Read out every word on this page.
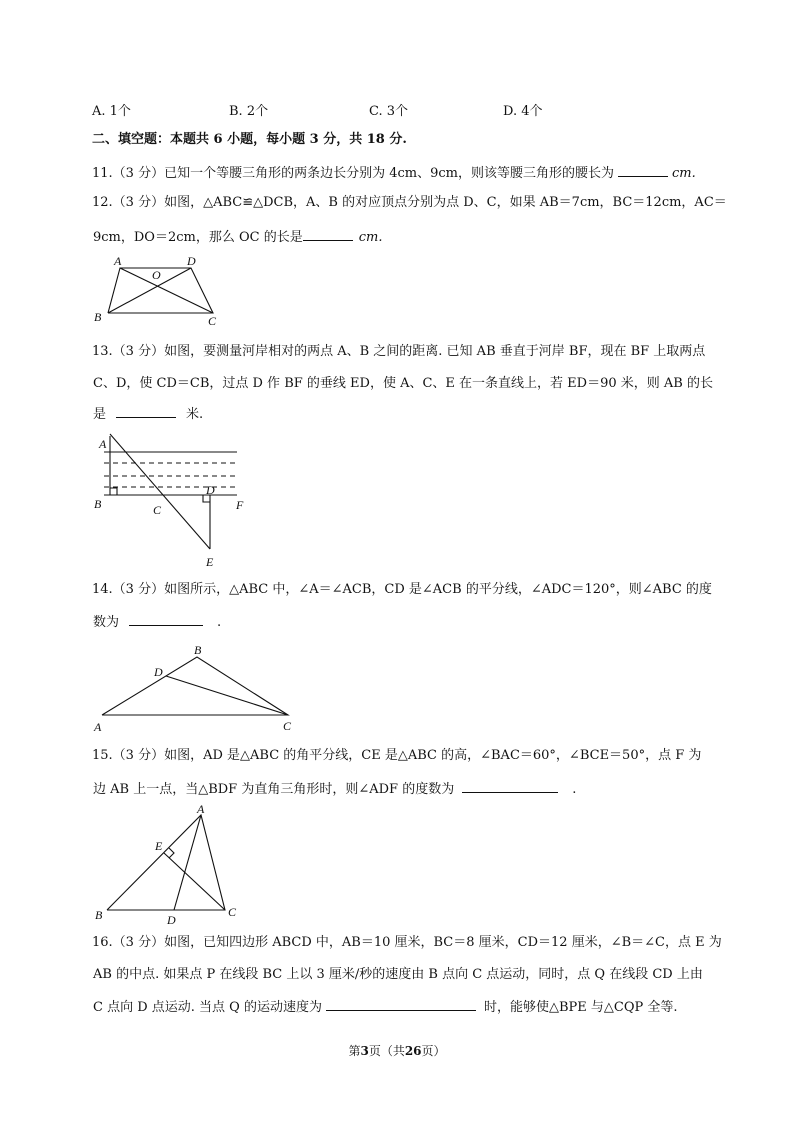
A. 1个	B. 2个	C. 3个	D. 4个
二、填空题：本题共 6 小题，每小题 3 分，共 18 分.
11.（3 分）已知一个等腰三角形的两条边长分别为 4cm、9cm，则该等腰三角形的腰长为	cm.
12.（3 分）如图，△ABC≌△DCB，A、B 的对应顶点分别为点 D、C，如果 AB＝7cm，BC＝12cm，AC＝
9cm，DO＝2cm，那么 OC 的长是	cm.
A	D
O
B	C
13.（3 分）如图，要测量河岸相对的两点 A、B 之间的距离. 已知 AB 垂直于河岸 BF，现在 BF 上取两点
C、D，使 CD＝CB，过点 D 作 BF 的垂线 ED，使 A、C、E 在一条直线上，若 ED＝90 米，则 AB 的长
是	米.
A
B	C
D
F
E
14.（3 分）如图所示，△ABC 中，∠A＝∠ACB，CD 是∠ACB 的平分线，∠ADC＝120°，则∠ABC 的度
数为	.
A
B
C
D
15.（3 分）如图，AD 是△ABC 的角平分线，CE 是△ABC 的高，∠BAC＝60°，∠BCE＝50°，点 F 为
边 AB 上一点，当△BDF 为直角三角形时，则∠ADF 的度数为	.
A
E
B	D
C
16.（3 分）如图，已知四边形 ABCD 中，AB＝10 厘米，BC＝8 厘米，CD＝12 厘米，∠B＝∠C，点 E 为
AB 的中点. 如果点 P 在线段 BC 上以 3 厘米/秒的速度由 B 点向 C 点运动，同时，点 Q 在线段 CD 上由
C 点向 D 点运动. 当点 Q 的运动速度为	时，能够使△BPE 与△CQP 全等.
第3页（共26页）
